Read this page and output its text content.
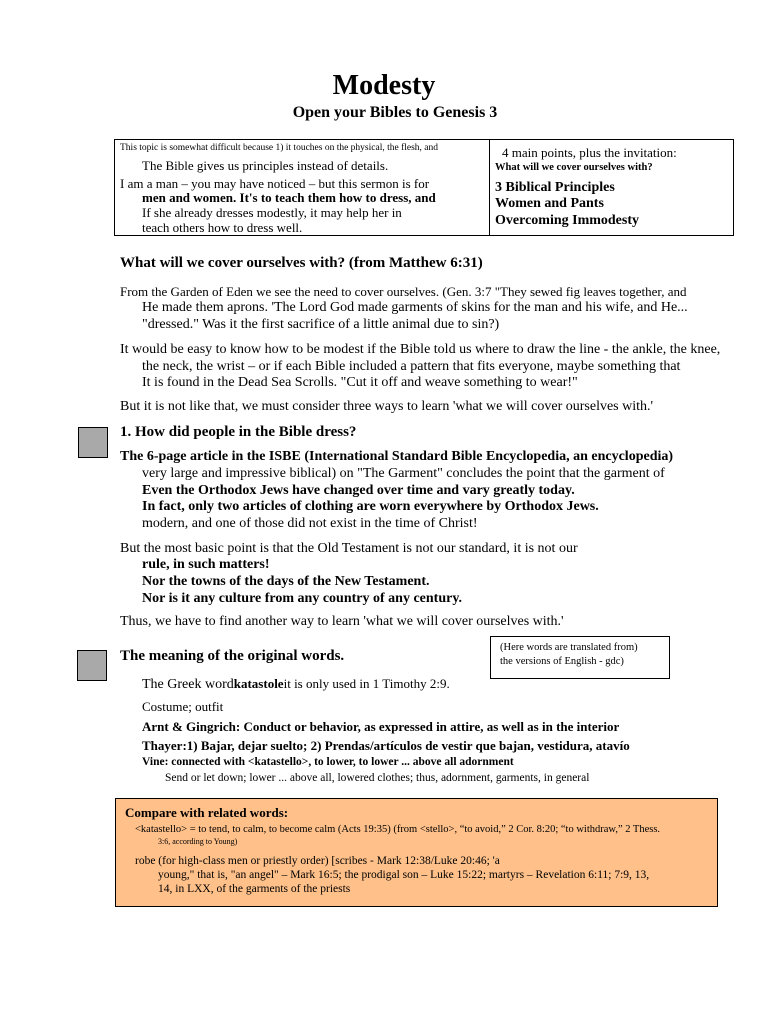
Modesty
Open your Bibles to Genesis 3
This topic is somewhat difficult because 1) it touches on the physical, the flesh, and
The Bible gives us principles instead of details.
I am a man – you may have noticed – but this sermon is for
men and women. It's to teach them how to dress, and
If she already dresses modestly, it may help her in
teach others how to dress well.
4 main points, plus the invitation:
What will we cover ourselves with?
3 Biblical Principles
Women and Pants
Overcoming Immodesty
What will we cover ourselves with? (from Matthew 6:31)
From the Garden of Eden we see the need to cover ourselves. (Gen. 3:7 "They sewed fig leaves together, and
He made them aprons. 'The Lord God made garments of skins for the man and his wife, and He...
"dressed." Was it the first sacrifice of a little animal due to sin?)
It would be easy to know how to be modest if the Bible told us where to draw the line - the ankle, the knee,
the neck, the wrist – or if each Bible included a pattern that fits everyone, maybe something that
It is found in the Dead Sea Scrolls. "Cut it off and weave something to wear!"
But it is not like that, we must consider three ways to learn 'what we will cover ourselves with.'
1. How did people in the Bible dress?
The 6-page article in the ISBE (International Standard Bible Encyclopedia, an encyclopedia)
very large and impressive biblical) on "The Garment" concludes the point that the garment of
Even the Orthodox Jews have changed over time and vary greatly today.
In fact, only two articles of clothing are worn everywhere by Orthodox Jews.
modern, and one of those did not exist in the time of Christ!
But the most basic point is that the Old Testament is not our standard, it is not our
rule, in such matters!
Nor the towns of the days of the New Testament.
Nor is it any culture from any country of any century.
Thus, we have to find another way to learn 'what we will cover ourselves with.'
(Here words are translated from)
the versions of English - gdc)
The meaning of the original words.
The Greek wordkatastoleit is only used in 1 Timothy 2:9.
Costume; outfit
Arnt & Gingrich: Conduct or behavior, as expressed in attire, as well as in the interior
Thayer:1) Bajar, dejar suelto; 2) Prendas/artículos de vestir que bajan, vestidura, atavío
Vine: connected with <katastello>, to lower, to lower ... above all adornment
Send or let down; lower ... above all, lowered clothes; thus, adornment, garments, in general
Compare with related words:
<katastello> = to tend, to calm, to become calm (Acts 19:35) (from <stello>, “to avoid,” 2 Cor. 8:20; “to withdraw,” 2 Thess.
3:6, according to Young)
robe (for high-class men or priestly order) [scribes - Mark 12:38/Luke 20:46; 'a
young," that is, "an angel" – Mark 16:5; the prodigal son – Luke 15:22; martyrs – Revelation 6:11; 7:9, 13,
14, in LXX, of the garments of the priests
